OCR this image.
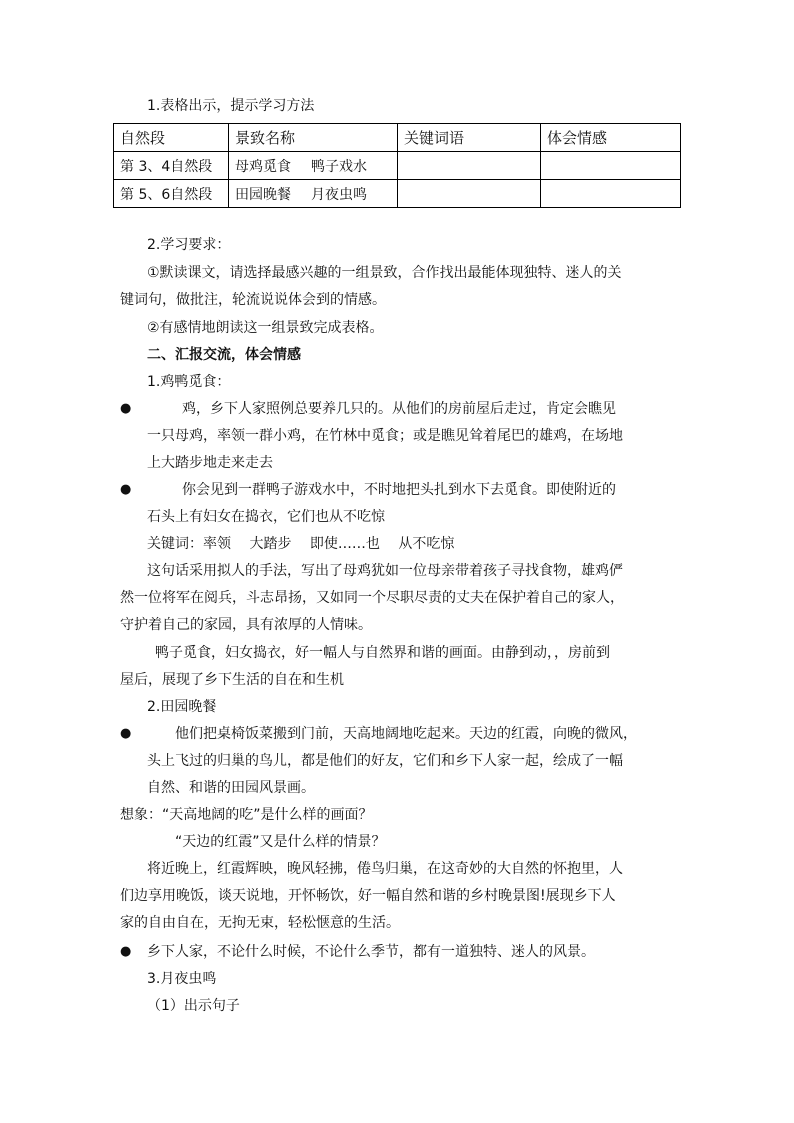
1.表格出示，提示学习方法
自然段	景致名称	关键词语	体会情感
第 3、4自然段	母鸡觅食 鸭子戏水		
第 5、6自然段	田园晚餐 月夜虫鸣		
2.学习要求：
①默读课文，请选择最感兴趣的一组景致，合作找出最能体现独特、迷人的关
键词句，做批注，轮流说说体会到的情感。
②有感情地朗读这一组景致完成表格。
二、汇报交流，体会情感
1.鸡鸭觅食：
●	鸡，乡下人家照例总要养几只的。从他们的房前屋后走过，肯定会瞧见
一只母鸡，率领一群小鸡，在竹林中觅食；或是瞧见耸着尾巴的雄鸡，在场地
上大踏步地走来走去
●	你会见到一群鸭子游戏水中，不时地把头扎到水下去觅食。即使附近的
石头上有妇女在捣衣，它们也从不吃惊
关键词：率领　 大踏步　 即使……也　 从不吃惊
这句话采用拟人的手法，写出了母鸡犹如一位母亲带着孩子寻找食物，雄鸡俨
然一位将军在阅兵，斗志昂扬，又如同一个尽职尽责的丈夫在保护着自己的家人，
守护着自己的家园，具有浓厚的人情味。
鸭子觅食，妇女捣衣，好一幅人与自然界和谐的画面。由静到动，，房前到
屋后，展现了乡下生活的自在和生机
2.田园晚餐
●	他们把桌椅饭菜搬到门前，天高地阔地吃起来。天边的红霞，向晚的微风，
头上飞过的归巢的鸟儿，都是他们的好友，它们和乡下人家一起，绘成了一幅
自然、和谐的田园风景画。
想象：“天高地阔的吃”是什么样的画面？
“天边的红霞”又是什么样的情景？
将近晚上，红霞辉映，晚风轻拂，倦鸟归巢，在这奇妙的大自然的怀抱里，人
们边享用晚饭，谈天说地，开怀畅饮，好一幅自然和谐的乡村晚景图!展现乡下人
家的自由自在，无拘无束，轻松惬意的生活。
● 乡下人家，不论什么时候，不论什么季节，都有一道独特、迷人的风景。
3.月夜虫鸣
（1）出示句子
